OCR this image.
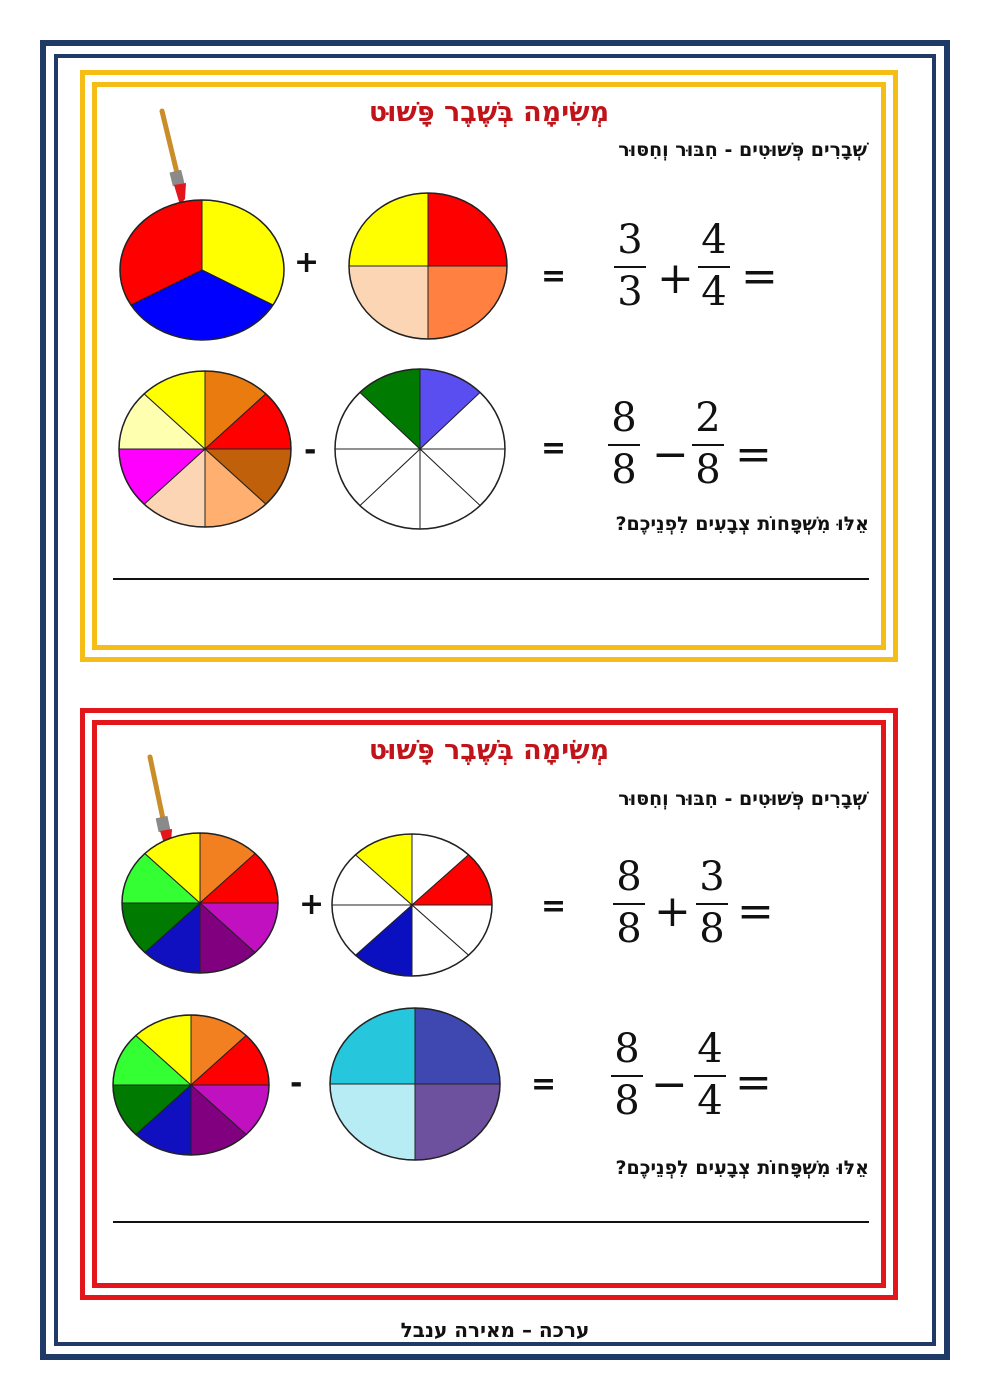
מְשִׂימָה בְּשֶׁבֶר פָּשׁוּט
שְׁבָרִים פְּשׁוּטִים - חִבּוּר וְחִסּוּר
+	=
3
3 +
4
4 =
-	=
8
8 −
2
8 =
אֵלּוּ מִשְׁפָּחוֹת צְבָעִים לִפְנֵיכֶם?
מְשִׂימָה בְּשֶׁבֶר פָּשׁוּט
שְׁבָרִים פְּשׁוּטִים - חִבּוּר וְחִסּוּר
+	=
8
8 +
3
8 =
-	=
8
8 −
4
4 =
אֵלּוּ מִשְׁפָּחוֹת צְבָעִים לִפְנֵיכֶם?
ערכה – מאירה ענבל
